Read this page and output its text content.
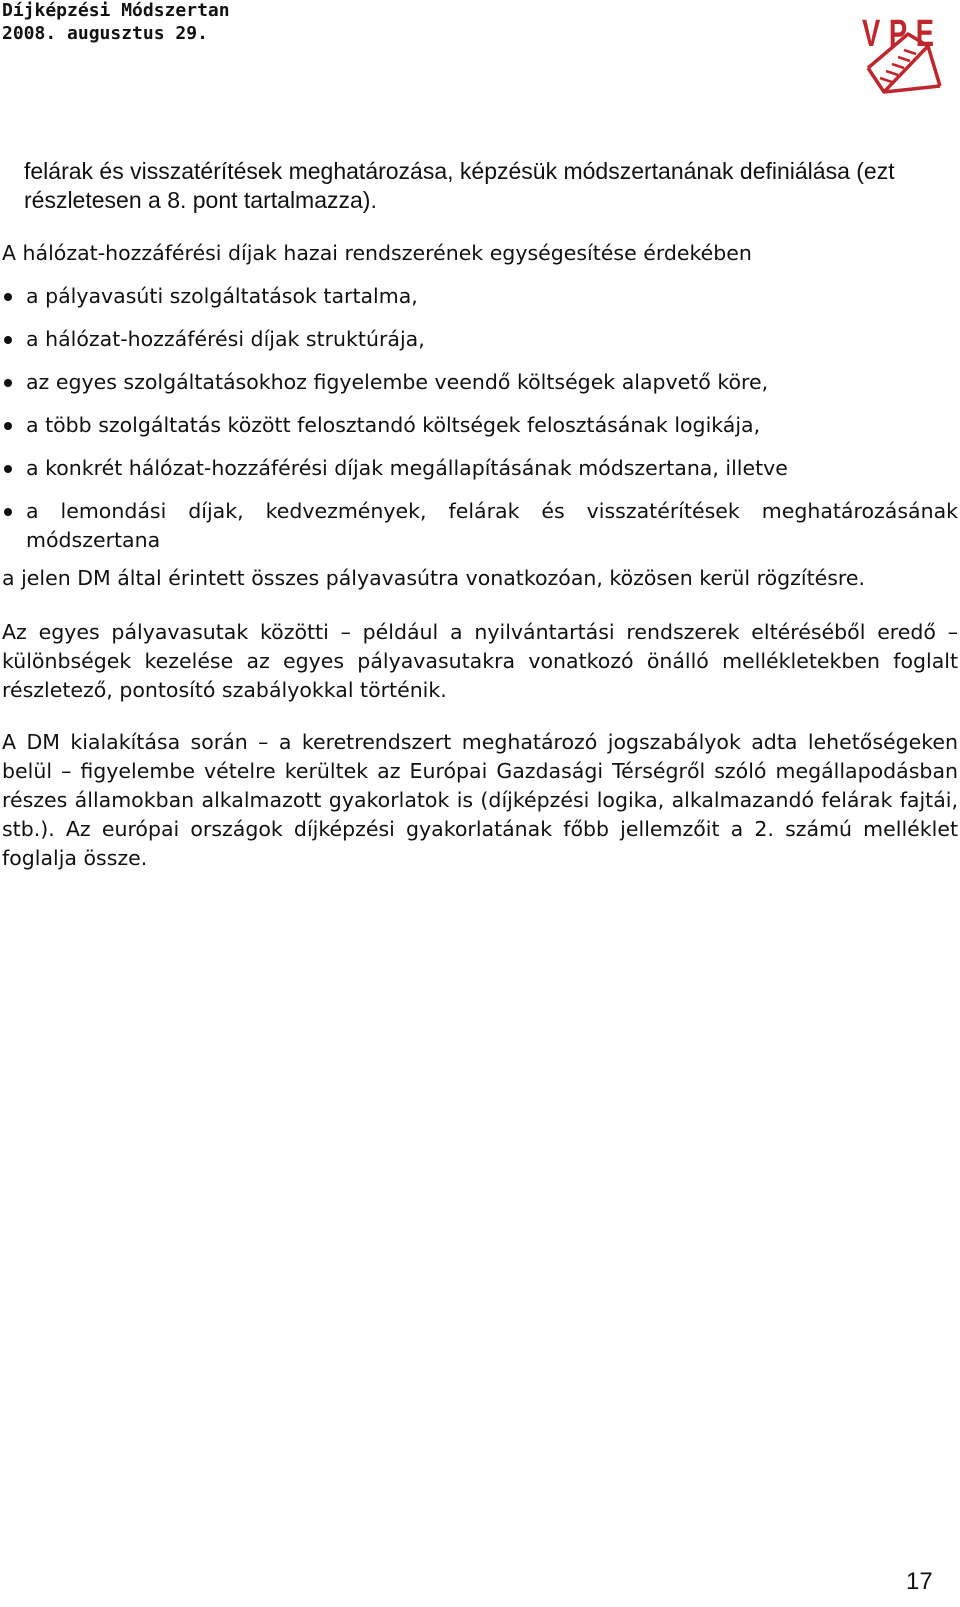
Díjképzési Módszertan
2008. augusztus 29.	VPE
felárak és visszatérítések meghatározása, képzésük módszertanának definiálása (ezt részletesen a 8. pont tartalmazza).
A hálózat-hozzáférési díjak hazai rendszerének egységesítése érdekében
a pályavasúti szolgáltatások tartalma,
a hálózat-hozzáférési díjak struktúrája,
az egyes szolgáltatásokhoz figyelembe veendő költségek alapvető köre,
a több szolgáltatás között felosztandó költségek felosztásának logikája,
a konkrét hálózat-hozzáférési díjak megállapításának módszertana, illetve
a lemondási díjak, kedvezmények, felárak és visszatérítések meghatározásának módszertana
a jelen DM által érintett összes pályavasútra vonatkozóan, közösen kerül rögzítésre.
Az egyes pályavasutak közötti – például a nyilvántartási rendszerek eltéréséből eredő – különbségek kezelése az egyes pályavasutakra vonatkozó önálló mellékletekben foglalt részletező, pontosító szabályokkal történik.
A DM kialakítása során – a keretrendszert meghatározó jogszabályok adta lehetőségeken belül – figyelembe vételre kerültek az Európai Gazdasági Térségről szóló megállapodásban részes államokban alkalmazott gyakorlatok is (díjképzési logika, alkalmazandó felárak fajtái, stb.). Az európai országok díjképzési gyakorlatának főbb jellemzőit a 2. számú melléklet foglalja össze.
17
